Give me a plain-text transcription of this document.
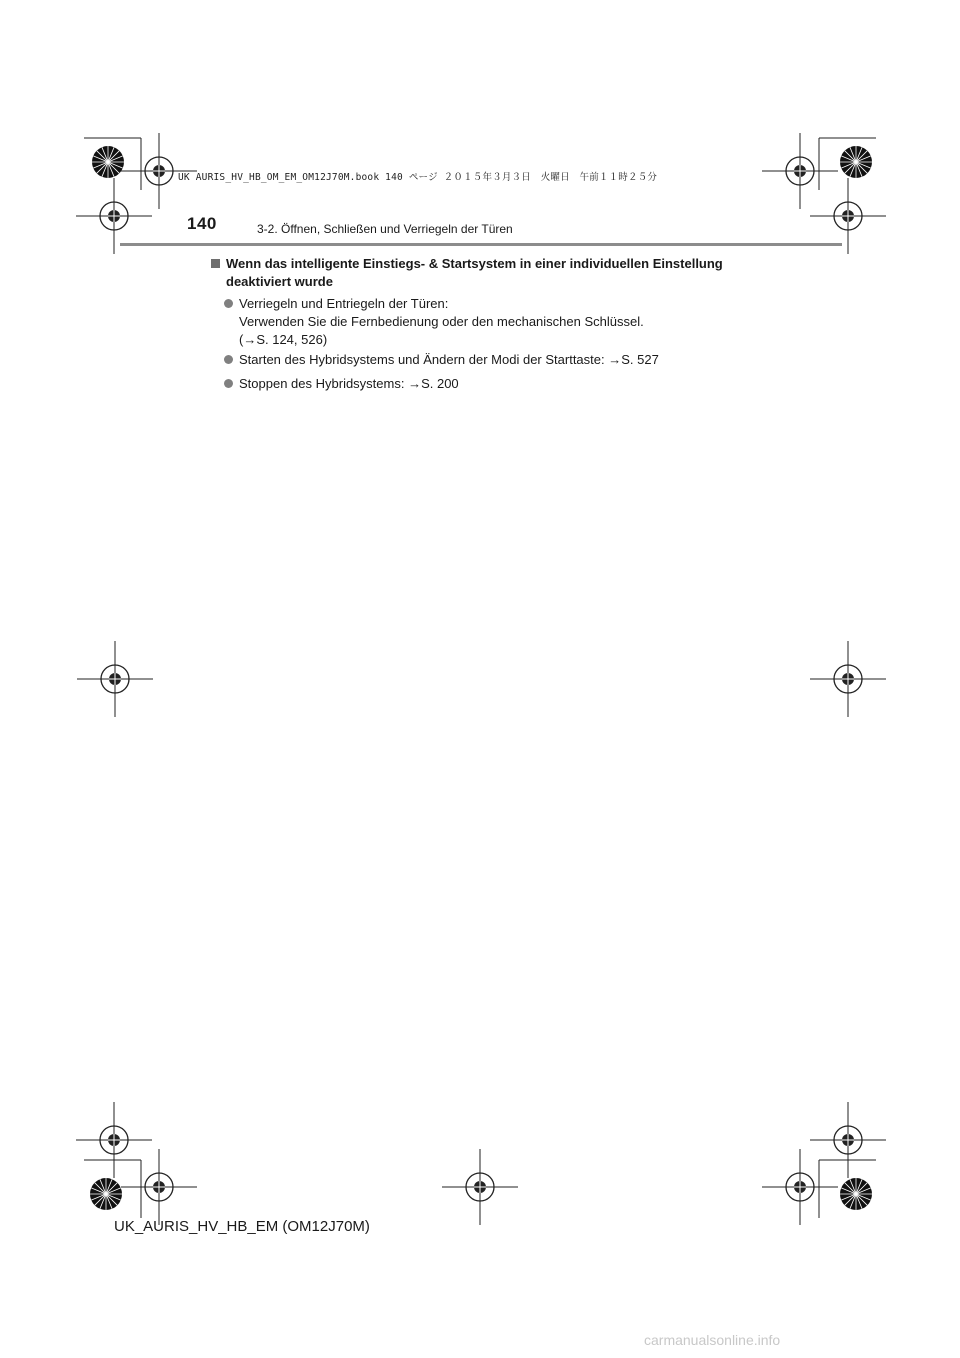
UK AURIS_HV_HB_OM_EM_OM12J70M.book 140 ページ ２０１５年３月３日　火曜日　午前１１時２５分
140	3-2. Öffnen, Schließen und Verriegeln der Türen
Wenn das intelligente Einstiegs- & Startsystem in einer individuellen Einstellung deaktiviert wurde
Verriegeln und Entriegeln der Türen:
Verwenden Sie die Fernbedienung oder den mechanischen Schlüssel.
(→S. 124, 526)
Starten des Hybridsystems und Ändern der Modi der Starttaste: →S. 527
Stoppen des Hybridsystems: →S. 200
UK_AURIS_HV_HB_EM (OM12J70M)
carmanualsonline.info
